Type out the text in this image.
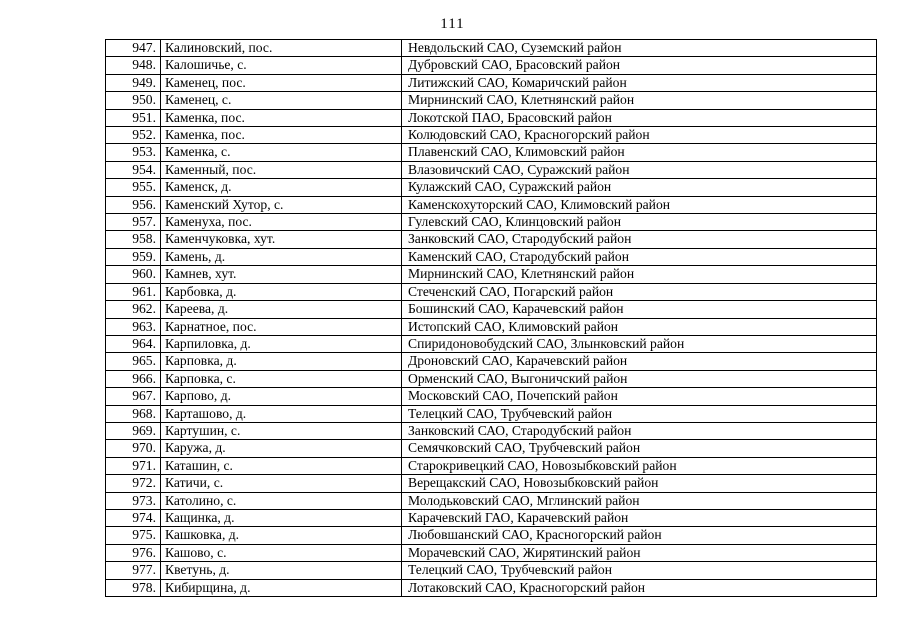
111
947.	Калиновский, пос.	Невдольский САО, Суземский район
948.	Калошичье, с.	Дубровский САО, Брасовский район
949.	Каменец, пос.	Литижский САО, Комаричский район
950.	Каменец, с.	Мирнинский САО, Клетнянский район
951.	Каменка, пос.	Локотской ПАО, Брасовский район
952.	Каменка, пос.	Колюдовский САО, Красногорский район
953.	Каменка, с.	Плавенский САО, Климовский район
954.	Каменный, пос.	Влазовичский САО, Суражский район
955.	Каменск, д.	Кулажский САО, Суражский район
956.	Каменский Хутор, с.	Каменскохуторский САО, Климовский район
957.	Каменуха, пос.	Гулевский САО, Клинцовский район
958.	Каменчуковка, хут.	Занковский САО, Стародубский район
959.	Камень, д.	Каменский САО, Стародубский район
960.	Камнев, хут.	Мирнинский САО, Клетнянский район
961.	Карбовка, д.	Стеченский САО, Погарский район
962.	Кареева, д.	Бошинский САО, Карачевский район
963.	Карнатное, пос.	Истопский САО, Климовский район
964.	Карпиловка, д.	Спиридоновобудский САО, Злынковский район
965.	Карповка, д.	Дроновский САО, Карачевский район
966.	Карповка, с.	Орменский САО, Выгоничский район
967.	Карпово, д.	Московский САО, Почепский район
968.	Карташово, д.	Телецкий САО, Трубчевский район
969.	Картушин, с.	Занковский САО, Стародубский район
970.	Каружа, д.	Семячковский САО, Трубчевский район
971.	Каташин, с.	Старокривецкий САО, Новозыбковский район
972.	Катичи, с.	Верещакский САО, Новозыбковский район
973.	Католино, с.	Молодьковский САО, Мглинский район
974.	Кащинка, д.	Карачевский ГАО, Карачевский район
975.	Кашковка, д.	Любовшанский САО, Красногорский район
976.	Кашово, с.	Морачевский САО, Жирятинский район
977.	Кветунь, д.	Телецкий САО, Трубчевский район
978.	Кибирщина, д.	Лотаковский САО, Красногорский район
